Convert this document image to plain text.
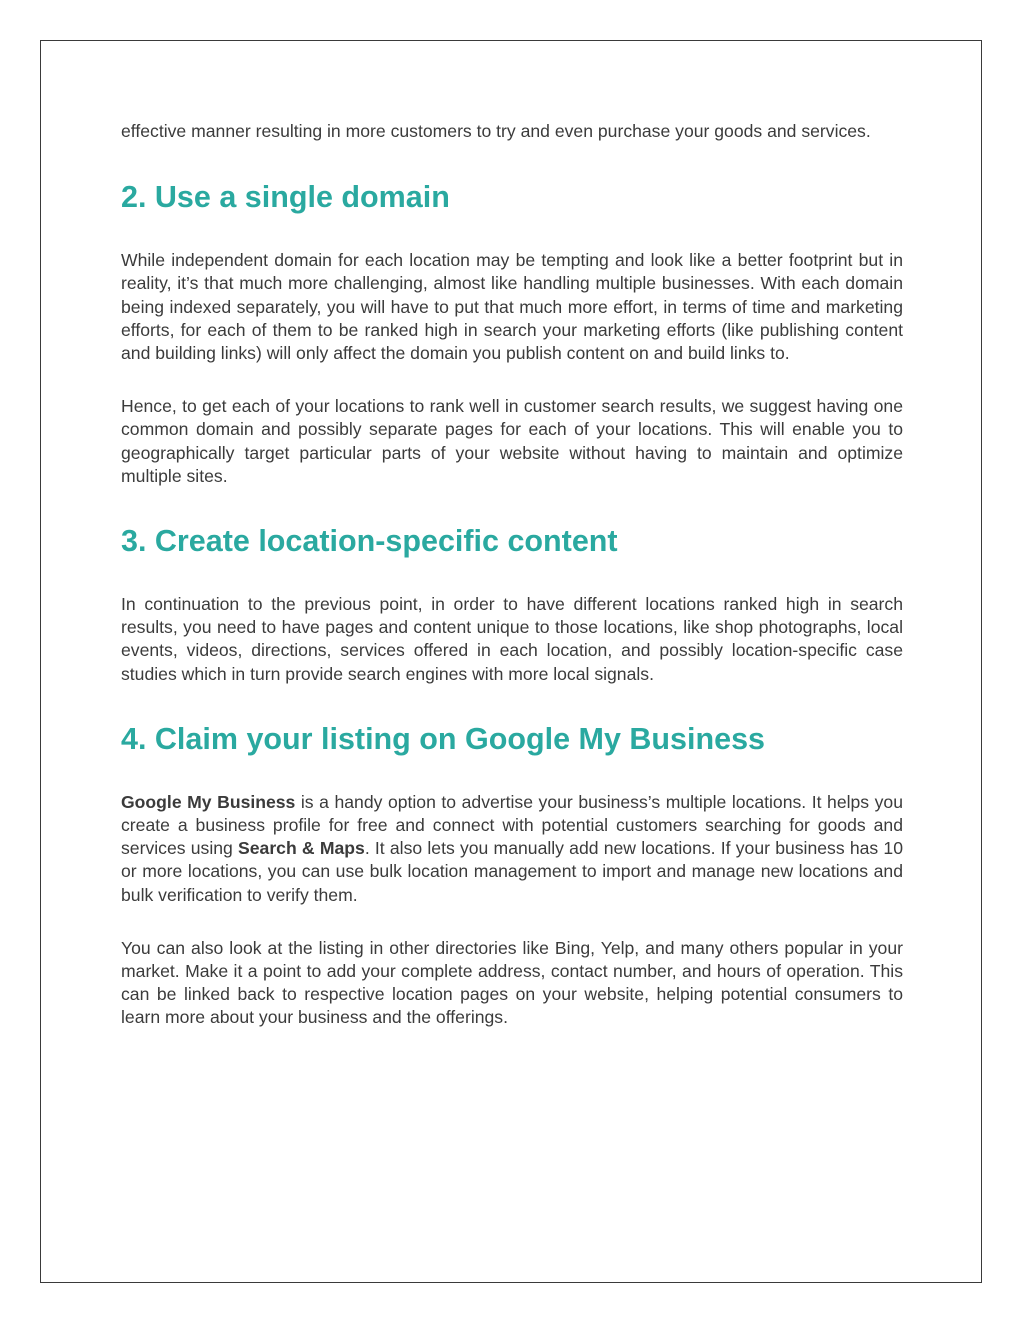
effective manner resulting in more customers to try and even purchase your goods and services.

2. Use a single domain

While independent domain for each location may be tempting and look like a better footprint but in reality, it’s that much more challenging, almost like handling multiple businesses. With each domain being indexed separately, you will have to put that much more effort, in terms of time and marketing efforts, for each of them to be ranked high in search your marketing efforts (like publishing content and building links) will only affect the domain you publish content on and build links to.

Hence, to get each of your locations to rank well in customer search results, we suggest having one common domain and possibly separate pages for each of your locations. This will enable you to geographically target particular parts of your website without having to maintain and optimize multiple sites.

3. Create location-specific content

In continuation to the previous point, in order to have different locations ranked high in search results, you need to have pages and content unique to those locations, like shop photographs, local events, videos, directions, services offered in each location, and possibly location-specific case studies which in turn provide search engines with more local signals.

4. Claim your listing on Google My Business

Google My Business is a handy option to advertise your business’s multiple locations. It helps you create a business profile for free and connect with potential customers searching for goods and services using Search & Maps. It also lets you manually add new locations. If your business has 10 or more locations, you can use bulk location management to import and manage new locations and bulk verification to verify them.

You can also look at the listing in other directories like Bing, Yelp, and many others popular in your market. Make it a point to add your complete address, contact number, and hours of operation. This can be linked back to respective location pages on your website, helping potential consumers to learn more about your business and the offerings.
